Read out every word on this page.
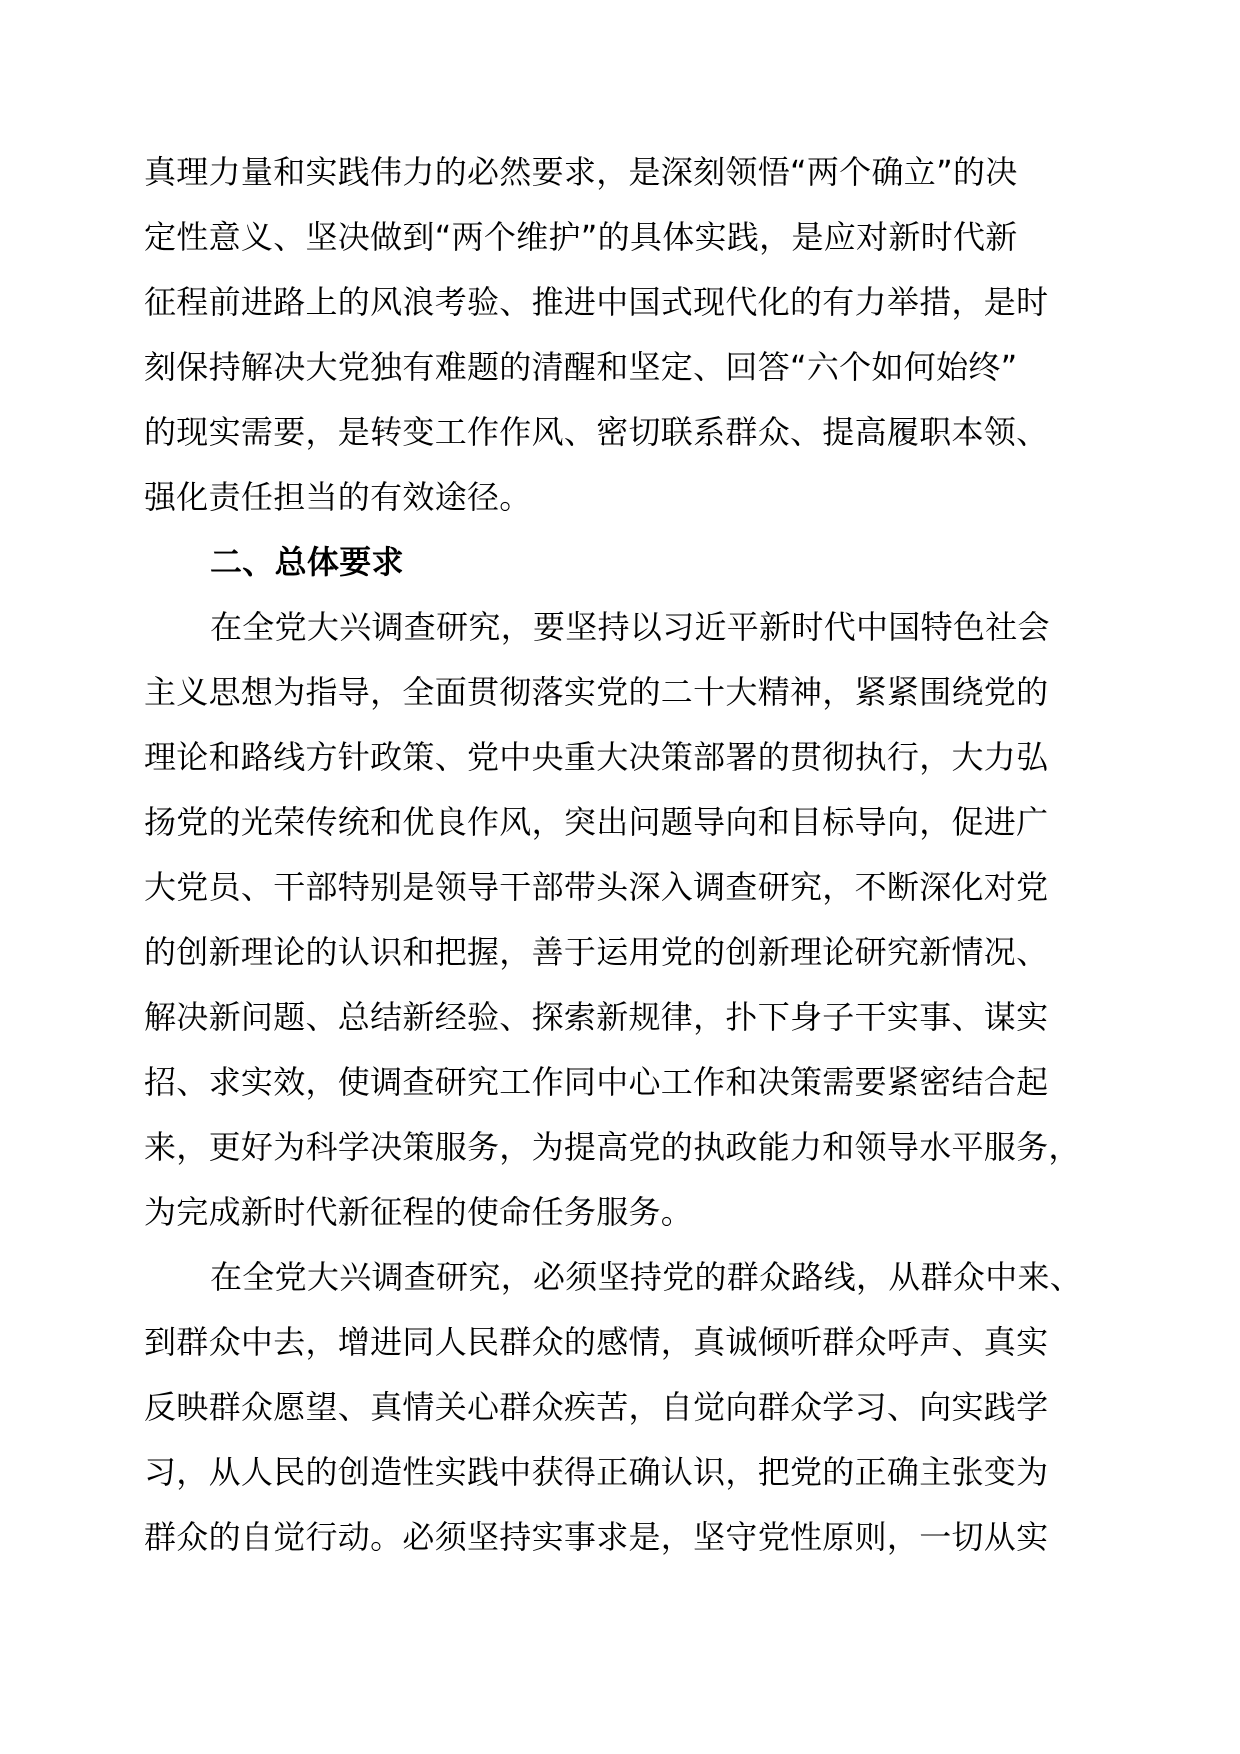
真理力量和实践伟力的必然要求，是深刻领悟“两个确立”的决

定性意义、坚决做到“两个维护”的具体实践，是应对新时代新

征程前进路上的风浪考验、推进中国式现代化的有力举措，是时

刻保持解决大党独有难题的清醒和坚定、回答“六个如何始终”

的现实需要，是转变工作作风、密切联系群众、提高履职本领、

强化责任担当的有效途径。

二、总体要求

在全党大兴调查研究，要坚持以习近平新时代中国特色社会

主义思想为指导，全面贯彻落实党的二十大精神，紧紧围绕党的

理论和路线方针政策、党中央重大决策部署的贯彻执行，大力弘

扬党的光荣传统和优良作风，突出问题导向和目标导向，促进广

大党员、干部特别是领导干部带头深入调查研究，不断深化对党

的创新理论的认识和把握，善于运用党的创新理论研究新情况、

解决新问题、总结新经验、探索新规律，扑下身子干实事、谋实

招、求实效，使调查研究工作同中心工作和决策需要紧密结合起

来，更好为科学决策服务，为提高党的执政能力和领导水平服务，

为完成新时代新征程的使命任务服务。

在全党大兴调查研究，必须坚持党的群众路线，从群众中来、

到群众中去，增进同人民群众的感情，真诚倾听群众呼声、真实

反映群众愿望、真情关心群众疾苦，自觉向群众学习、向实践学

习，从人民的创造性实践中获得正确认识，把党的正确主张变为

群众的自觉行动。必须坚持实事求是，坚守党性原则，一切从实
